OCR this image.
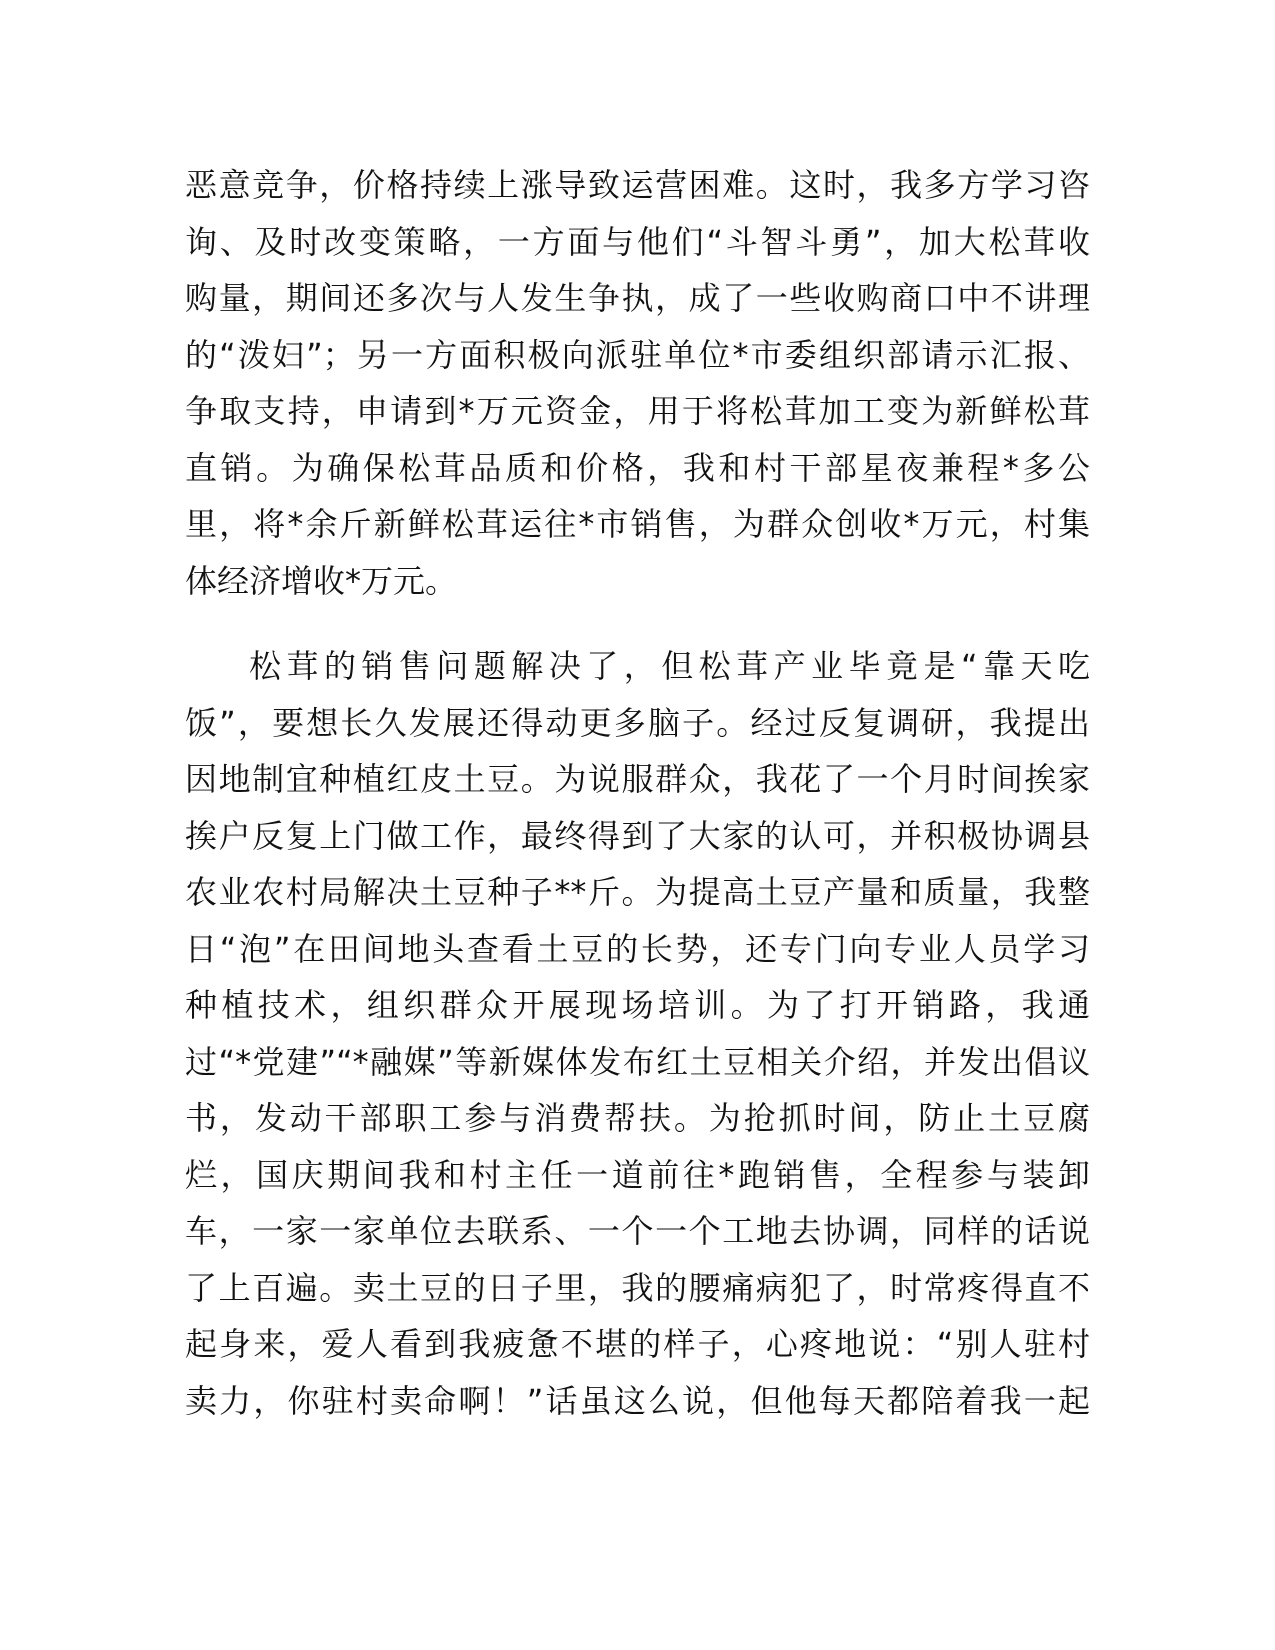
恶意竞争，价格持续上涨导致运营困难。这时，我多方学习咨
询、及时改变策略，一方面与他们“斗智斗勇”，加大松茸收
购量，期间还多次与人发生争执，成了一些收购商口中不讲理
的“泼妇”；另一方面积极向派驻单位*市委组织部请示汇报、
争取支持，申请到*万元资金，用于将松茸加工变为新鲜松茸
直销。为确保松茸品质和价格，我和村干部星夜兼程*多公
里，将*余斤新鲜松茸运往*市销售，为群众创收*万元，村集
体经济增收*万元。
松茸的销售问题解决了，但松茸产业毕竟是“靠天吃
饭”，要想长久发展还得动更多脑子。经过反复调研，我提出
因地制宜种植红皮土豆。为说服群众，我花了一个月时间挨家
挨户反复上门做工作，最终得到了大家的认可，并积极协调县
农业农村局解决土豆种子**斤。为提高土豆产量和质量，我整
日“泡”在田间地头查看土豆的长势，还专门向专业人员学习
种植技术，组织群众开展现场培训。为了打开销路，我通
过“*党建”“*融媒”等新媒体发布红土豆相关介绍，并发出倡议
书，发动干部职工参与消费帮扶。为抢抓时间，防止土豆腐
烂，国庆期间我和村主任一道前往*跑销售，全程参与装卸
车，一家一家单位去联系、一个一个工地去协调，同样的话说
了上百遍。卖土豆的日子里，我的腰痛病犯了，时常疼得直不
起身来，爱人看到我疲惫不堪的样子，心疼地说：“别人驻村
卖力，你驻村卖命啊！”话虽这么说，但他每天都陪着我一起
